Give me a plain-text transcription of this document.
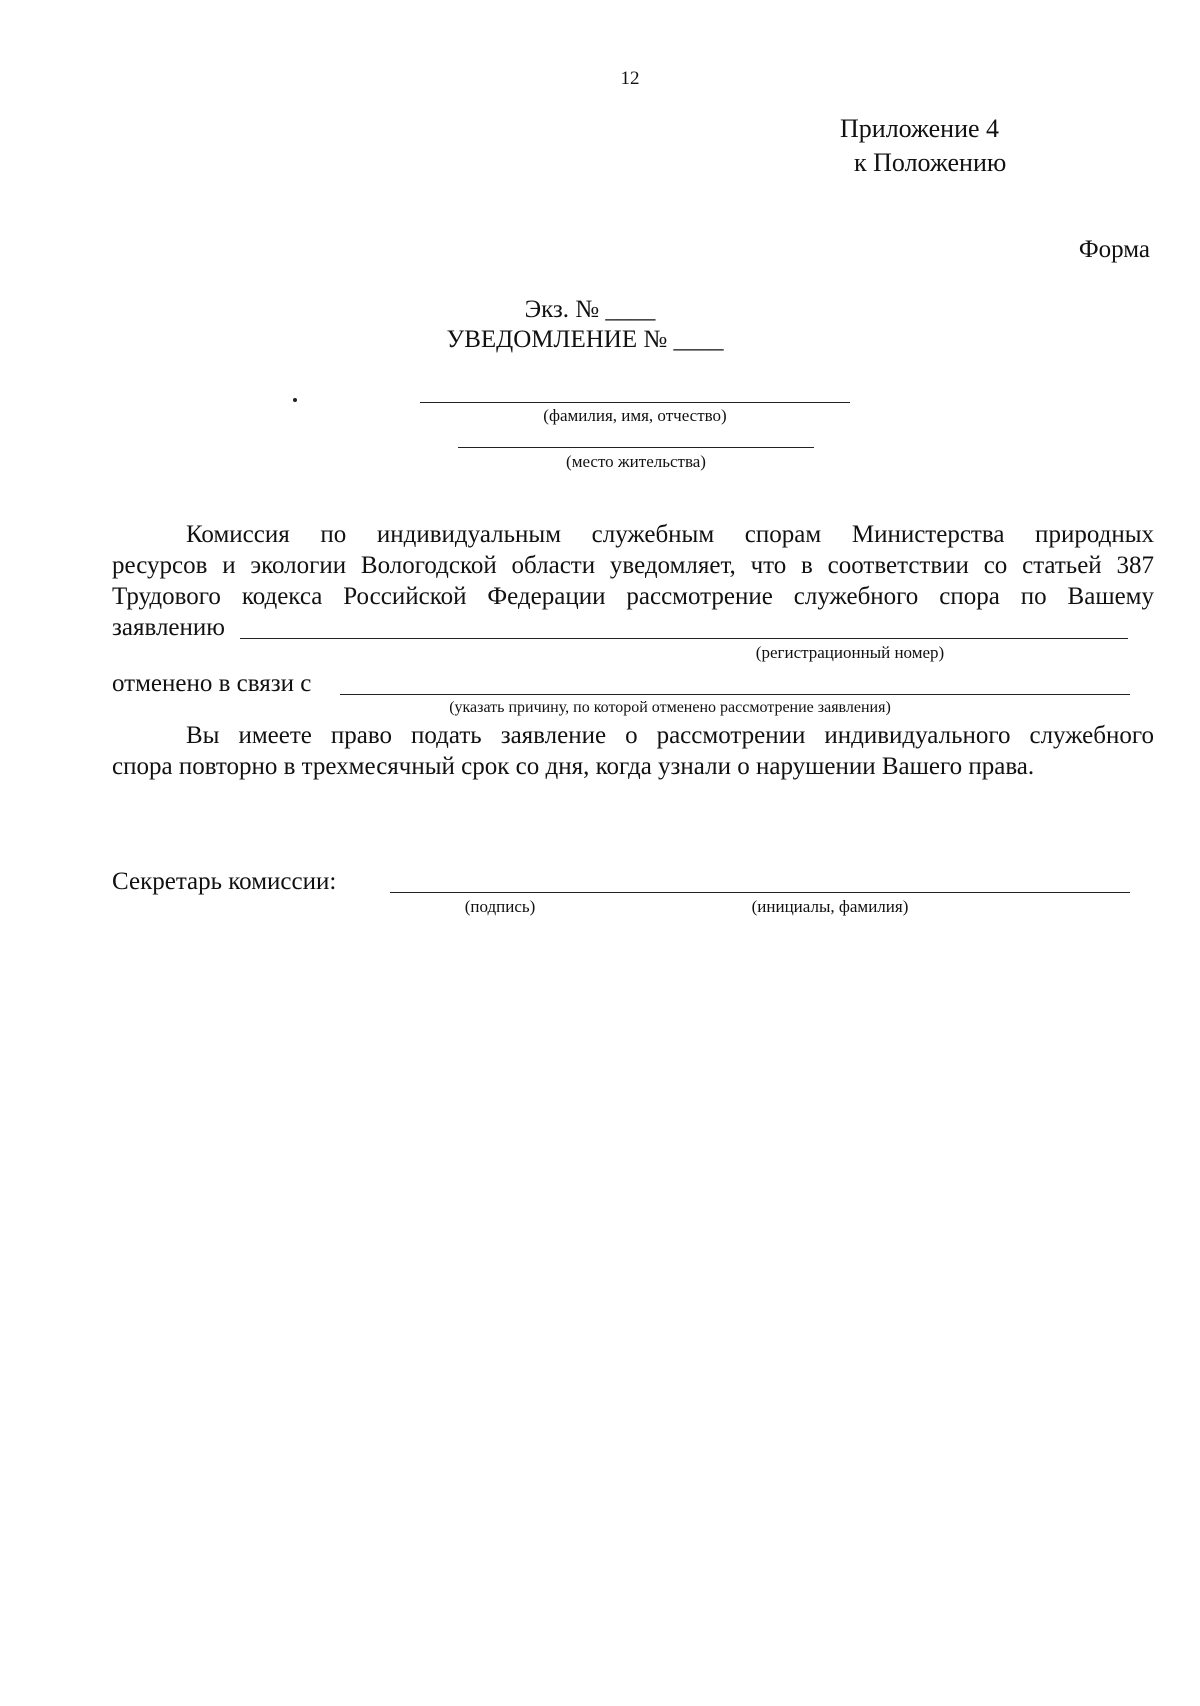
12
Приложение 4
к Положению
Форма
Экз. № ____
УВЕДОМЛЕНИЕ № ____
(фамилия, имя, отчество)
(место жительства)
Комиссия по индивидуальным служебным спорам Министерства природных
ресурсов и экологии Вологодской области уведомляет, что в соответствии со статьей 387
Трудового кодекса Российской Федерации рассмотрение служебного спора по Вашему
заявлению
(регистрационный номер)
отменено в связи с
(указать причину, по которой отменено рассмотрение заявления)
Вы имеете право подать заявление о рассмотрении индивидуального служебного
спора повторно в трехмесячный срок со дня, когда узнали о нарушении Вашего права.
Секретарь комиссии:
(подпись)	(инициалы, фамилия)
